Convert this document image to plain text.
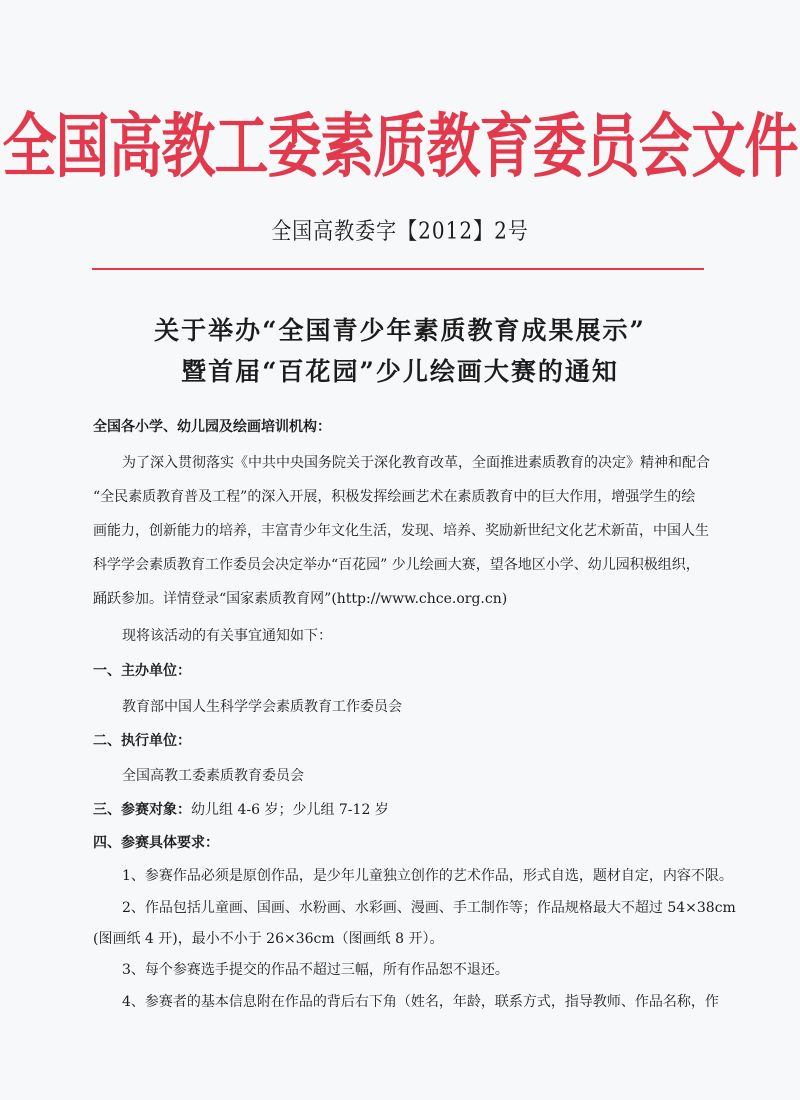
全国高教工委素质教育委员会文件
全国高教委字【2012】2号
关于举办“全国青少年素质教育成果展示”
暨首届“百花园”少儿绘画大赛的通知
全国各小学、幼儿园及绘画培训机构：
为了深入贯彻落实《中共中央国务院关于深化教育改革，全面推进素质教育的决定》精神和配合
“全民素质教育普及工程”的深入开展，积极发挥绘画艺术在素质教育中的巨大作用，增强学生的绘
画能力，创新能力的培养，丰富青少年文化生活，发现、培养、奖励新世纪文化艺术新苗，中国人生
科学学会素质教育工作委员会决定举办“百花园” 少儿绘画大赛，望各地区小学、幼儿园积极组织，
踊跃参加。详情登录“国家素质教育网”(http://www.chce.org.cn)
现将该活动的有关事宜通知如下：
一、主办单位：
教育部中国人生科学学会素质教育工作委员会
二、执行单位：
全国高教工委素质教育委员会
三、参赛对象：幼儿组 4-6 岁；少儿组 7-12 岁
四、参赛具体要求：
1、参赛作品必须是原创作品，是少年儿童独立创作的艺术作品，形式自选，题材自定，内容不限。
2、作品包括儿童画、国画、水粉画、水彩画、漫画、手工制作等；作品规格最大不超过 54×38cm
(图画纸 4 开)，最小不小于 26×36cm（图画纸 8 开）。
3、每个参赛选手提交的作品不超过三幅，所有作品恕不退还。
4、参赛者的基本信息附在作品的背后右下角（姓名，年龄，联系方式，指导教师、作品名称，作
